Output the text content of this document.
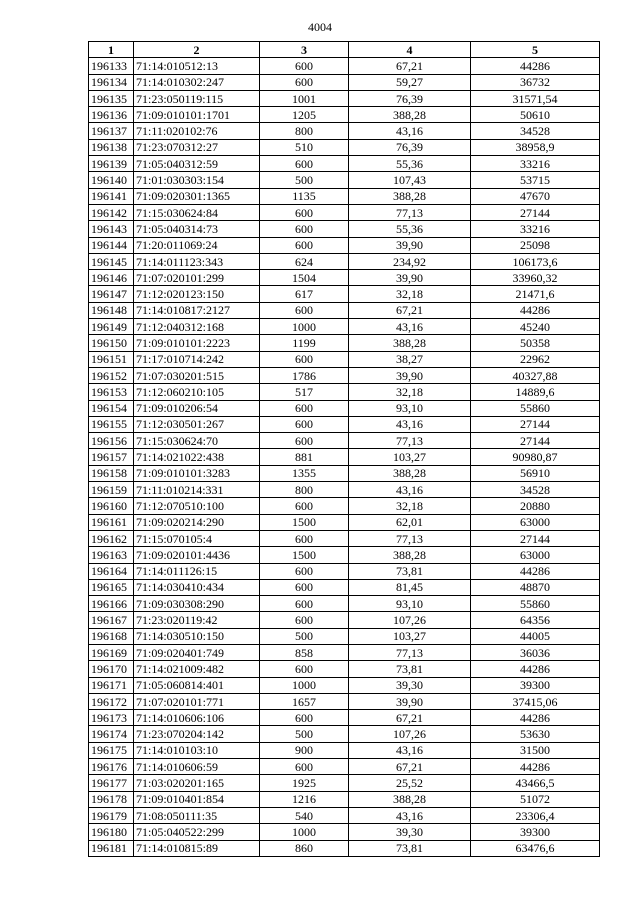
4004
1	2	3	4	5
196133	71:14:010512:13	600	67,21	44286
196134	71:14:010302:247	600	59,27	36732
196135	71:23:050119:115	1001	76,39	31571,54
196136	71:09:010101:1701	1205	388,28	50610
196137	71:11:020102:76	800	43,16	34528
196138	71:23:070312:27	510	76,39	38958,9
196139	71:05:040312:59	600	55,36	33216
196140	71:01:030303:154	500	107,43	53715
196141	71:09:020301:1365	1135	388,28	47670
196142	71:15:030624:84	600	77,13	27144
196143	71:05:040314:73	600	55,36	33216
196144	71:20:011069:24	600	39,90	25098
196145	71:14:011123:343	624	234,92	106173,6
196146	71:07:020101:299	1504	39,90	33960,32
196147	71:12:020123:150	617	32,18	21471,6
196148	71:14:010817:2127	600	67,21	44286
196149	71:12:040312:168	1000	43,16	45240
196150	71:09:010101:2223	1199	388,28	50358
196151	71:17:010714:242	600	38,27	22962
196152	71:07:030201:515	1786	39,90	40327,88
196153	71:12:060210:105	517	32,18	14889,6
196154	71:09:010206:54	600	93,10	55860
196155	71:12:030501:267	600	43,16	27144
196156	71:15:030624:70	600	77,13	27144
196157	71:14:021022:438	881	103,27	90980,87
196158	71:09:010101:3283	1355	388,28	56910
196159	71:11:010214:331	800	43,16	34528
196160	71:12:070510:100	600	32,18	20880
196161	71:09:020214:290	1500	62,01	63000
196162	71:15:070105:4	600	77,13	27144
196163	71:09:020101:4436	1500	388,28	63000
196164	71:14:011126:15	600	73,81	44286
196165	71:14:030410:434	600	81,45	48870
196166	71:09:030308:290	600	93,10	55860
196167	71:23:020119:42	600	107,26	64356
196168	71:14:030510:150	500	103,27	44005
196169	71:09:020401:749	858	77,13	36036
196170	71:14:021009:482	600	73,81	44286
196171	71:05:060814:401	1000	39,30	39300
196172	71:07:020101:771	1657	39,90	37415,06
196173	71:14:010606:106	600	67,21	44286
196174	71:23:070204:142	500	107,26	53630
196175	71:14:010103:10	900	43,16	31500
196176	71:14:010606:59	600	67,21	44286
196177	71:03:020201:165	1925	25,52	43466,5
196178	71:09:010401:854	1216	388,28	51072
196179	71:08:050111:35	540	43,16	23306,4
196180	71:05:040522:299	1000	39,30	39300
196181	71:14:010815:89	860	73,81	63476,6
